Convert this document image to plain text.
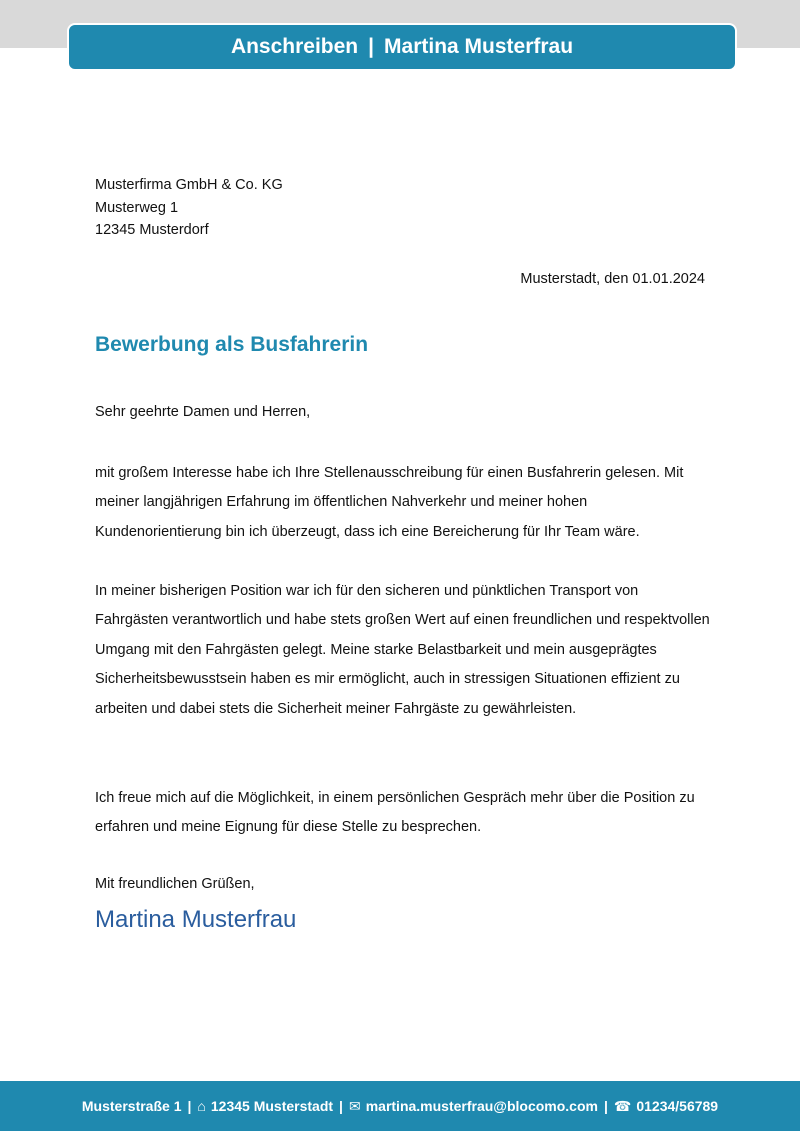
Anschreiben | Martina Musterfrau
Musterfirma GmbH & Co. KG
Musterweg 1
12345 Musterdorf
Musterstadt, den 01.01.2024
Bewerbung als Busfahrerin
Sehr geehrte Damen und Herren,

mit großem Interesse habe ich Ihre Stellenausschreibung für einen Busfahrerin gelesen. Mit meiner langjährigen Erfahrung im öffentlichen Nahverkehr und meiner hohen Kundenorientierung bin ich überzeugt, dass ich eine Bereicherung für Ihr Team wäre.

In meiner bisherigen Position war ich für den sicheren und pünktlichen Transport von Fahrgästen verantwortlich und habe stets großen Wert auf einen freundlichen und respektvollen Umgang mit den Fahrgästen gelegt. Meine starke Belastbarkeit und mein ausgeprägtes Sicherheitsbewusstsein haben es mir ermöglicht, auch in stressigen Situationen effizient zu arbeiten und dabei stets die Sicherheit meiner Fahrgäste zu gewährleisten.

Ich freue mich auf die Möglichkeit, in einem persönlichen Gespräch mehr über die Position zu erfahren und meine Eignung für diese Stelle zu besprechen.

Mit freundlichen Grüßen,
Martina Musterfrau
Musterstraße 1 | ⌂ 12345 Musterstadt | ✉ martina.musterfrau@blocomo.com | ☎ 01234/56789
